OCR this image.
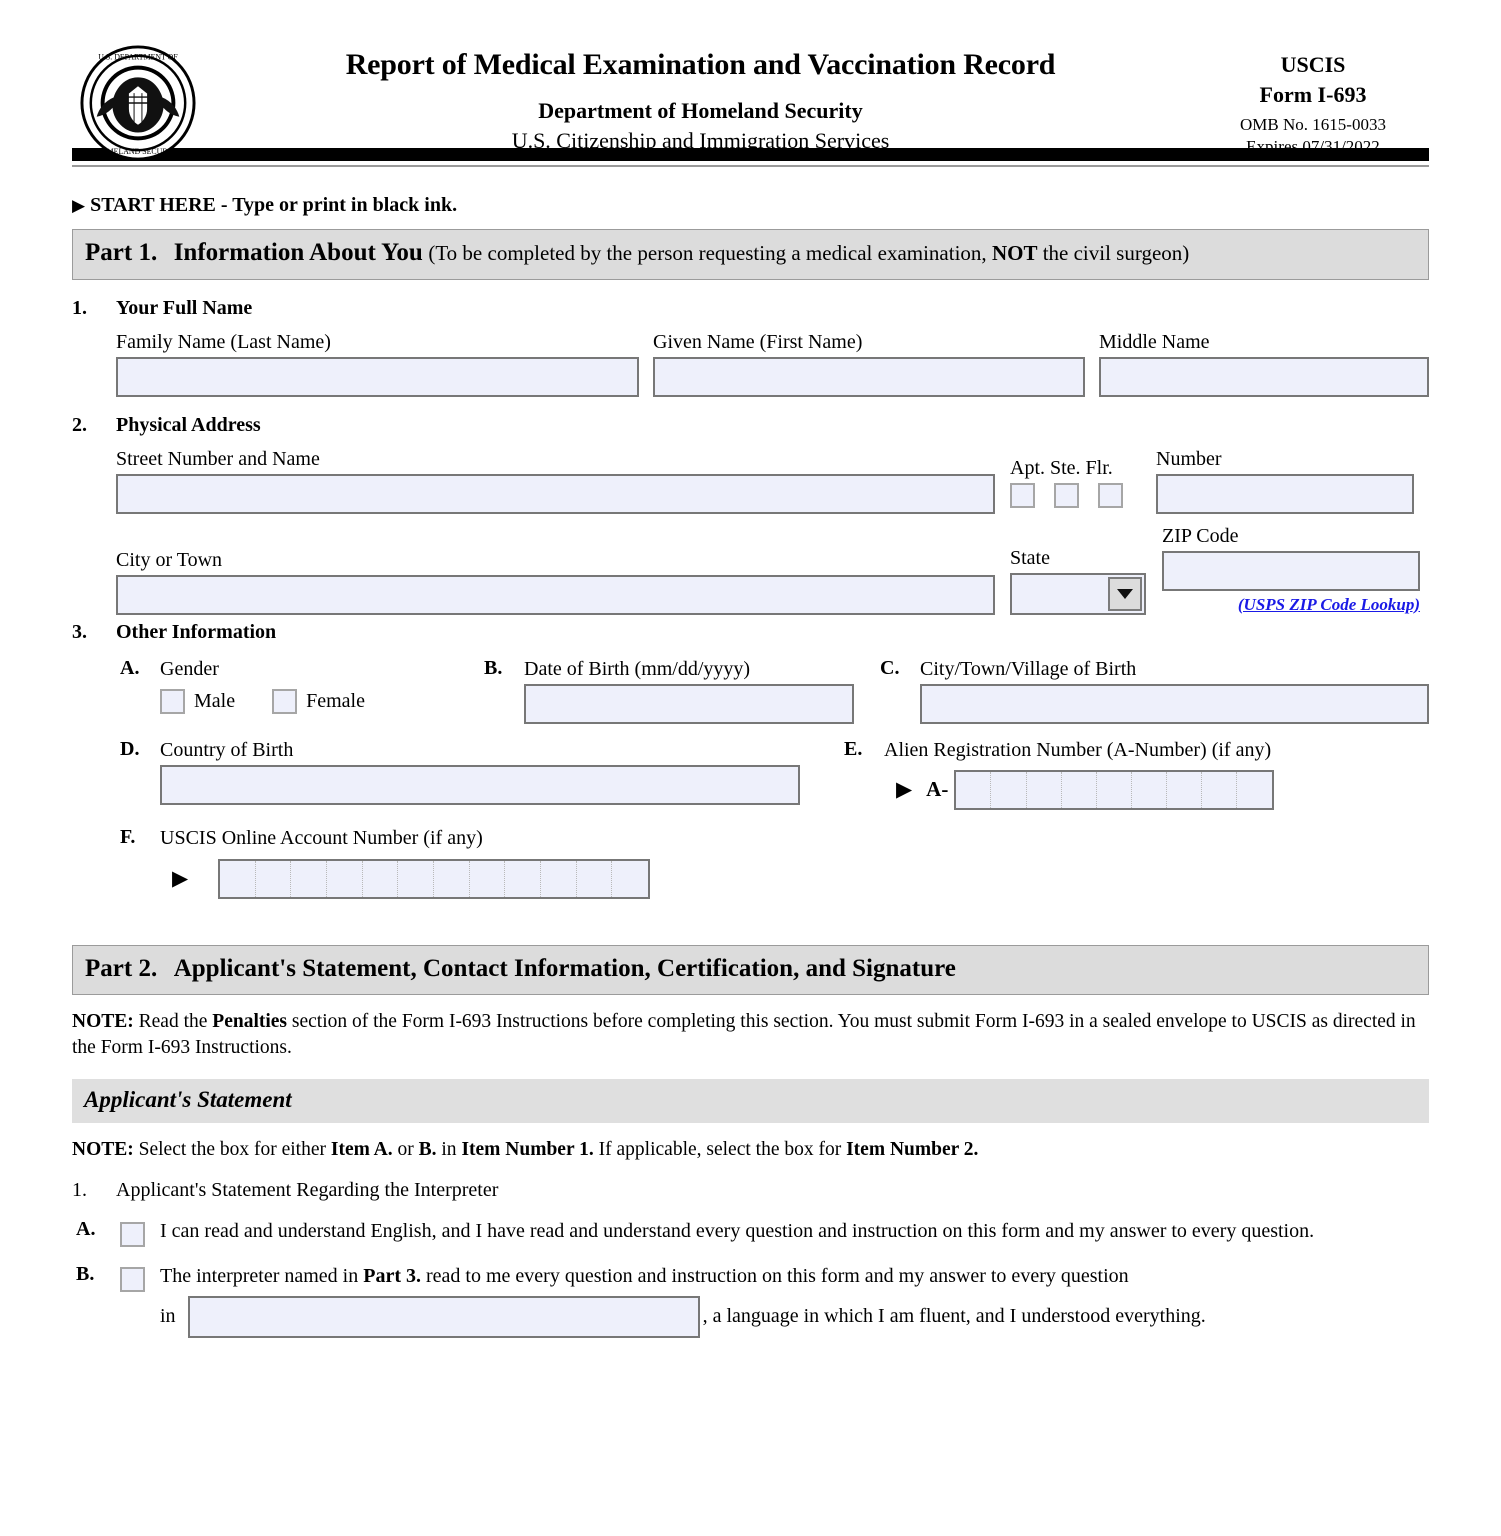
U.S. DEPARTMENT OF
HOMELAND SECURITY
Report of Medical Examination and Vaccination Record
Department of Homeland Security
U.S. Citizenship and Immigration Services
USCIS
Form I-693
OMB No. 1615-0033
Expires 07/31/2022
▶ START HERE - Type or print in black ink.
Part 1. Information About You (To be completed by the person requesting a medical examination, NOT the civil surgeon)
1.	Your Full Name
Family Name (Last Name)	Given Name (First Name)	Middle Name
2.	Physical Address
Street Number and Name	Apt. Ste. Flr.	Number
City or Town	State
ZIP Code
(USPS ZIP Code Lookup)
3.	Other Information
A.	Gender
Male	Female
B.	Date of Birth (mm/dd/yyyy)	C.	City/Town/Village of Birth
D.	Country of Birth	E.	Alien Registration Number (A-Number) (if any)
▶ A-
F.	USCIS Online Account Number (if any)
▶
Part 2. Applicant's Statement, Contact Information, Certification, and Signature
NOTE: Read the Penalties section of the Form I-693 Instructions before completing this section. You must submit Form I-693 in a sealed envelope to USCIS as directed in the Form I-693 Instructions.
Applicant's Statement
NOTE: Select the box for either Item A. or B. in Item Number 1. If applicable, select the box for Item Number 2.
1.	Applicant's Statement Regarding the Interpreter
A.	I can read and understand English, and I have read and understand every question and instruction on this form and my answer to every question.
B.	The interpreter named in Part 3. read to me every question and instruction on this form and my answer to every question
in	, a language in which I am fluent, and I understood everything.
